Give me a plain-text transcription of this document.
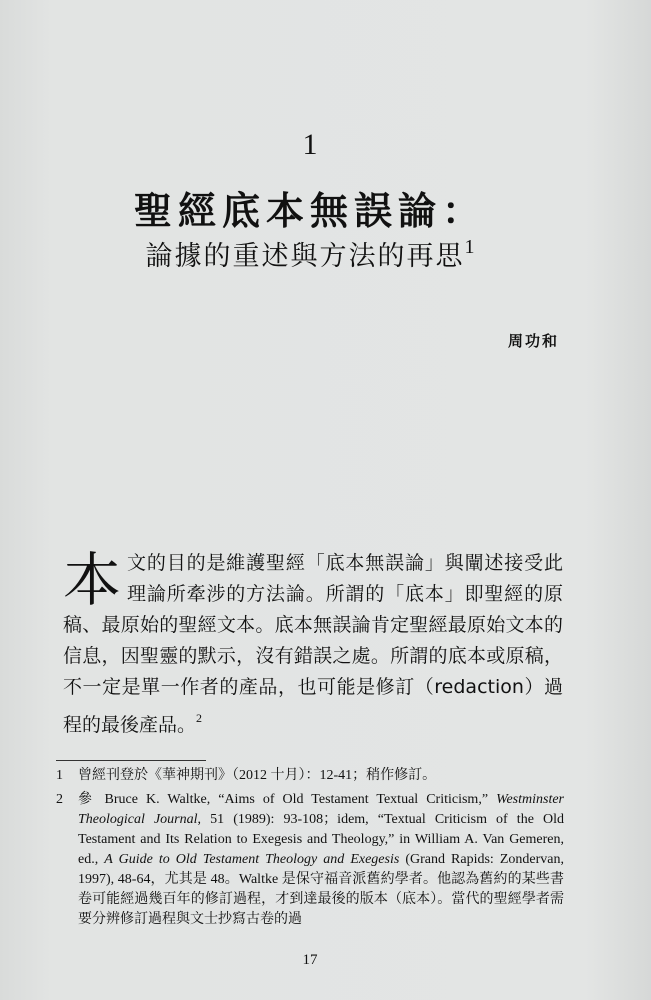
1
聖經底本無誤論：
論據的重述與方法的再思$^1$
周功和
本文的目的是維護聖經「底本無誤論」與闡述接受此理論所牽涉的方法論。所謂的「底本」即聖經的原稿、最原始的聖經文本。底本無誤論肯定聖經最原始文本的信息，因聖靈的默示，沒有錯誤之處。所謂的底本或原稿，不一定是單一作者的產品，也可能是修訂（redaction）過程的最後產品。$^2$
1	曾經刊登於《華神期刊》（2012 十月）：12-41；稍作修訂。
2	參 Bruce K. Waltke, “Aims of Old Testament Textual Criticism,” Westminster Theological Journal, 51 (1989): 93-108；idem, “Textual Criticism of the Old Testament and Its Relation to Exegesis and Theology,” in William A. Van Gemeren, ed., A Guide to Old Testament Theology and Exegesis (Grand Rapids: Zondervan, 1997), 48-64，尤其是 48。Waltke 是保守福音派舊約學者。他認為舊約的某些書卷可能經過幾百年的修訂過程，才到達最後的版本（底本）。當代的聖經學者需要分辨修訂過程與文士抄寫古卷的過
17
